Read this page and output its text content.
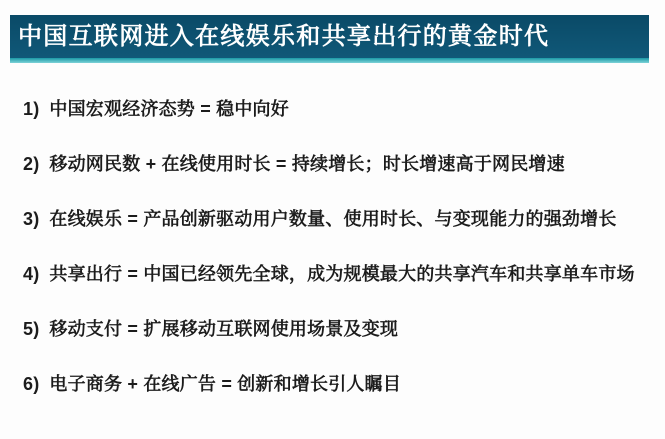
中国互联网进入在线娱乐和共享出行的黄金时代
1) 中国宏观经济态势 = 稳中向好
2) 移动网民数 + 在线使用时长 = 持续增长；时长增速高于网民增速
3) 在线娱乐 = 产品创新驱动用户数量、使用时长、与变现能力的强劲增长
4) 共享出行 = 中国已经领先全球，成为规模最大的共享汽车和共享单车市场
5) 移动支付 = 扩展移动互联网使用场景及变现
6) 电子商务 + 在线广告 = 创新和增长引人瞩目
